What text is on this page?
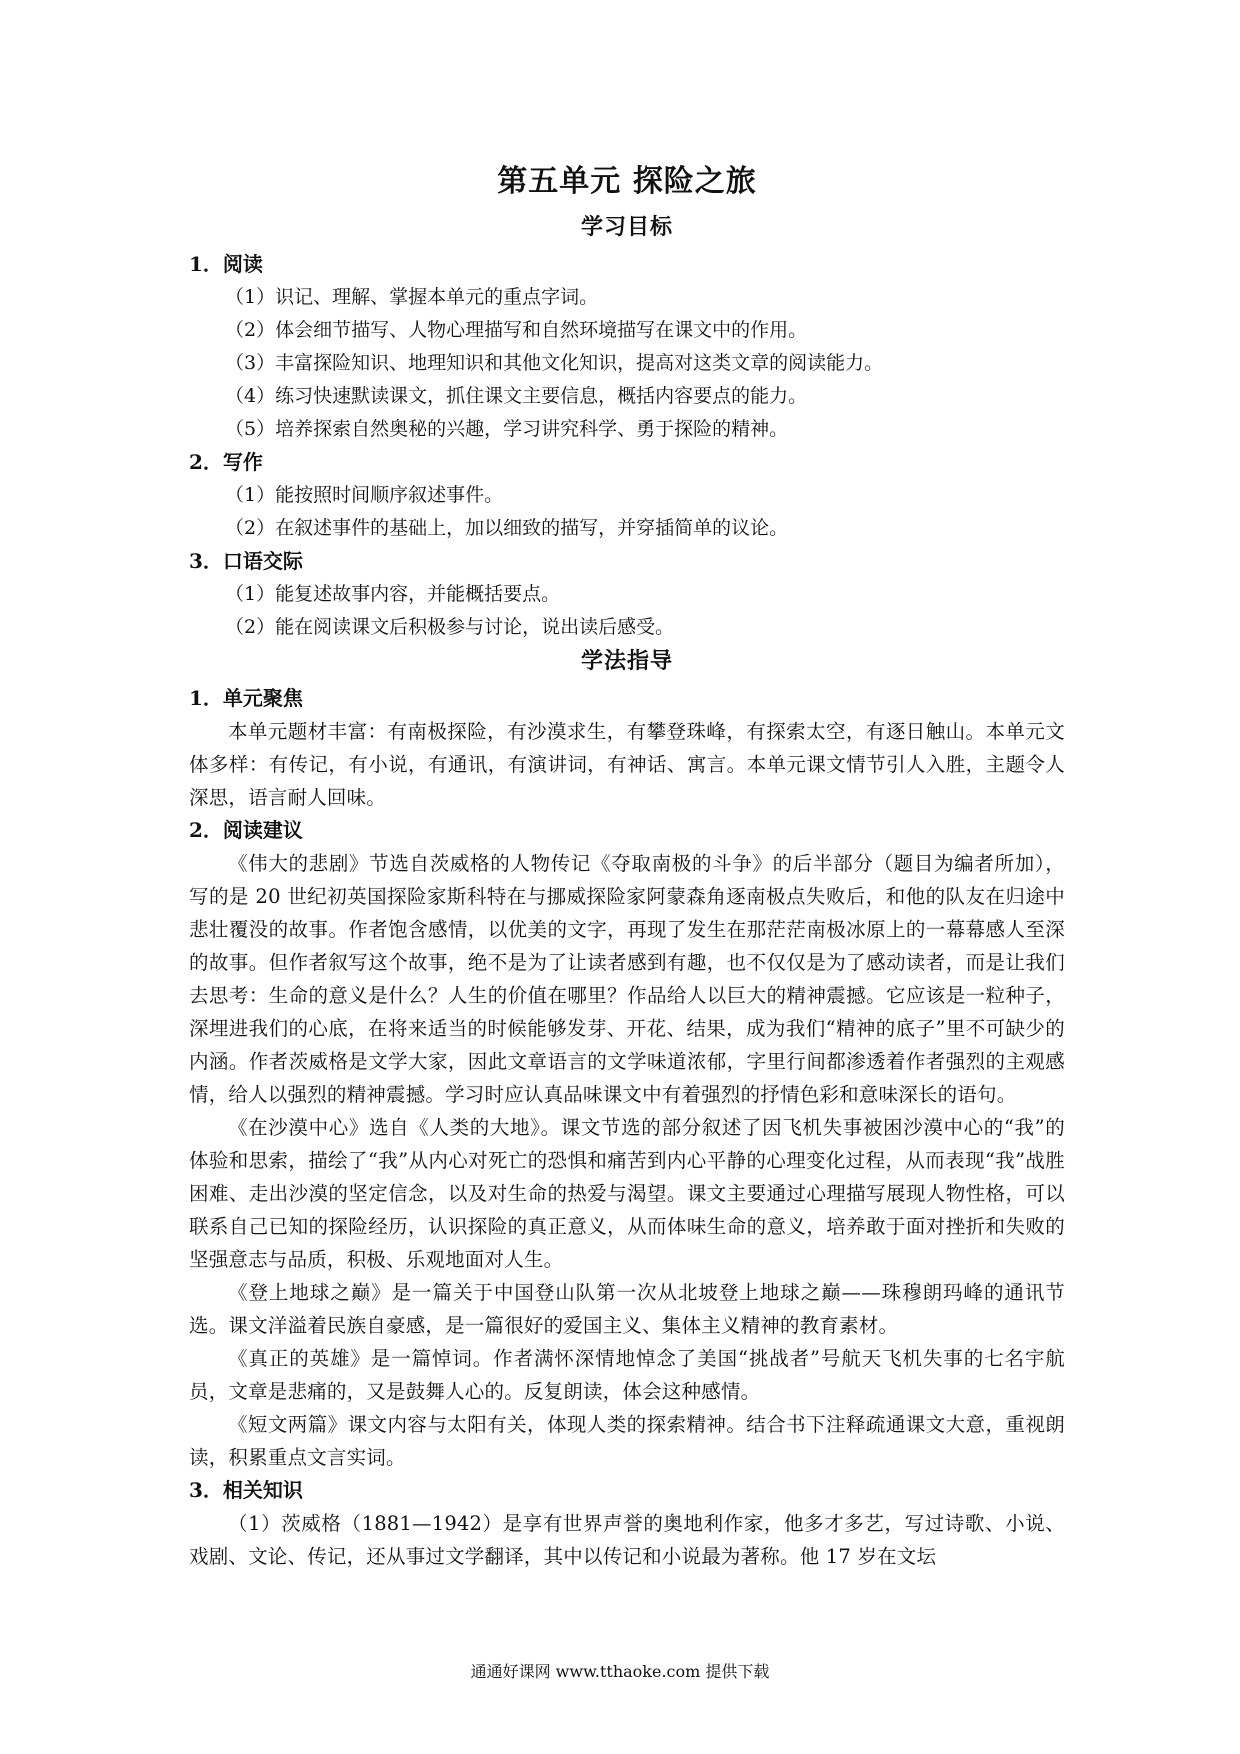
第五单元 探险之旅
学习目标
1．阅读
（1）识记、理解、掌握本单元的重点字词。
（2）体会细节描写、人物心理描写和自然环境描写在课文中的作用。
（3）丰富探险知识、地理知识和其他文化知识，提高对这类文章的阅读能力。
（4）练习快速默读课文，抓住课文主要信息，概括内容要点的能力。
（5）培养探索自然奥秘的兴趣，学习讲究科学、勇于探险的精神。
2．写作
（1）能按照时间顺序叙述事件。
（2）在叙述事件的基础上，加以细致的描写，并穿插简单的议论。
3．口语交际
（1）能复述故事内容，并能概括要点。
（2）能在阅读课文后积极参与讨论，说出读后感受。
学法指导
1．单元聚焦

本单元题材丰富：有南极探险，有沙漠求生，有攀登珠峰，有探索太空，有逐日触山。本单元文体多样：有传记，有小说，有通讯，有演讲词，有神话、寓言。本单元课文情节引人入胜，主题令人深思，语言耐人回味。

2．阅读建议

《伟大的悲剧》节选自茨威格的人物传记《夺取南极的斗争》的后半部分（题目为编者所加），写的是 20 世纪初英国探险家斯科特在与挪威探险家阿蒙森角逐南极点失败后，和他的队友在归途中悲壮覆没的故事。作者饱含感情，以优美的文字，再现了发生在那茫茫南极冰原上的一幕幕感人至深的故事。但作者叙写这个故事，绝不是为了让读者感到有趣，也不仅仅是为了感动读者，而是让我们去思考：生命的意义是什么？人生的价值在哪里？作品给人以巨大的精神震撼。它应该是一粒种子，深埋进我们的心底，在将来适当的时候能够发芽、开花、结果，成为我们“精神的底子”里不可缺少的内涵。作者茨威格是文学大家，因此文章语言的文学味道浓郁，字里行间都渗透着作者强烈的主观感情，给人以强烈的精神震撼。学习时应认真品味课文中有着强烈的抒情色彩和意味深长的语句。

《在沙漠中心》选自《人类的大地》。课文节选的部分叙述了因飞机失事被困沙漠中心的“我”的体验和思索，描绘了“我”从内心对死亡的恐惧和痛苦到内心平静的心理变化过程，从而表现“我”战胜困难、走出沙漠的坚定信念，以及对生命的热爱与渴望。课文主要通过心理描写展现人物性格，可以联系自己已知的探险经历，认识探险的真正意义，从而体味生命的意义，培养敢于面对挫折和失败的坚强意志与品质，积极、乐观地面对人生。

《登上地球之巅》是一篇关于中国登山队第一次从北坡登上地球之巅——珠穆朗玛峰的通讯节选。课文洋溢着民族自豪感，是一篇很好的爱国主义、集体主义精神的教育素材。

《真正的英雄》是一篇悼词。作者满怀深情地悼念了美国“挑战者”号航天飞机失事的七名宇航员，文章是悲痛的，又是鼓舞人心的。反复朗读，体会这种感情。

《短文两篇》课文内容与太阳有关，体现人类的探索精神。结合书下注释疏通课文大意，重视朗读，积累重点文言实词。

3．相关知识

（1）茨威格（1881—1942）是享有世界声誉的奥地利作家，他多才多艺，写过诗歌、小说、戏剧、文论、传记，还从事过文学翻译，其中以传记和小说最为著称。他 17 岁在文坛

通通好课网 www.tthaoke.com 提供下载
